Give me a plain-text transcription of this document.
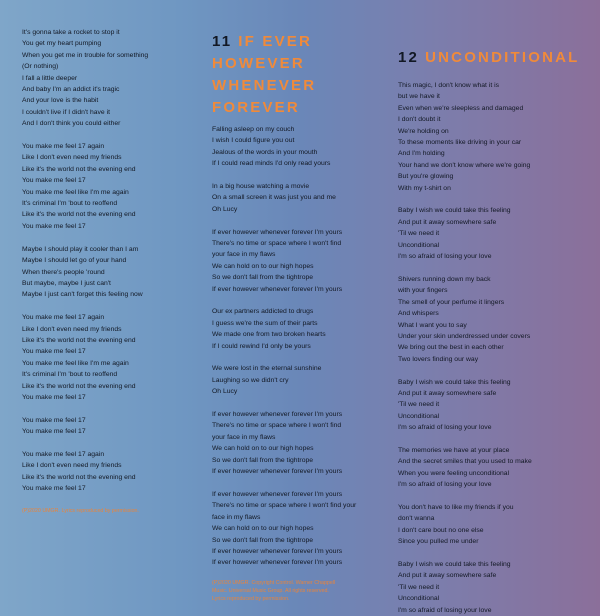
It's gonna take a rocket to stop it
You get my heart pumping
When you get me in trouble for something
(Or nothing)
I fall a little deeper
And baby I'm an addict it's tragic
And your love is the habit
I couldn't live if I didn't have it
And I don't think you could either

You make me feel 17 again
Like I don't even need my friends
Like it's the world not the evening end
You make me feel 17
You make me feel like I'm me again
It's criminal I'm 'bout to reoffend
Like it's the world not the evening end
You make me feel 17

Maybe I should play it cooler than I am
Maybe I should let go of your hand
When there's people 'round
But maybe, maybe I just can't
Maybe I just can't forget this feeling now

You make me feel 17 again
Like I don't even need my friends
Like it's the world not the evening end
You make me feel 17
You make me feel like I'm me again
It's criminal I'm 'bout to reoffend
Like it's the world not the evening end
You make me feel 17

You make me feel 17
You make me feel 17

You make me feel 17 again
Like I don't even need my friends
Like it's the world not the evening end
You make me feel 17

(P)2020 UMGR. Lyrics reproduced by permission.

11 IF EVER
HOWEVER
WHENEVER
FOREVER

Falling asleep on my couch
I wish I could figure you out
Jealous of the words in your mouth
If I could read minds I'd only read yours

In a big house watching a movie
On a small screen it was just you and me
Oh Lucy

If ever however whenever forever I'm yours
There's no time or space where I won't find
your face in my flaws
We can hold on to our high hopes
So we don't fall from the tightrope
If ever however whenever forever I'm yours

Our ex partners addicted to drugs
I guess we're the sum of their parts
We made one from two broken hearts
If I could rewind I'd only be yours

We were lost in the eternal sunshine
Laughing so we didn't cry
Oh Lucy

If ever however whenever forever I'm yours
There's no time or space where I won't find
your face in my flaws
We can hold on to our high hopes
So we don't fall from the tightrope
If ever however whenever forever I'm yours

If ever however whenever forever I'm yours
There's no time or space where I won't find your
face in my flaws
We can hold on to our high hopes
So we don't fall from the tightrope
If ever however whenever forever I'm yours
If ever however whenever forever I'm yours

(P)2020 UMGR. Copyright Control. Warner Chappell
Music. Universal Music Group. All rights reserved.
Lyrics reproduced by permission.

12 UNCONDITIONAL

This magic, I don't know what it is
but we have it
Even when we're sleepless and damaged
I don't doubt it
We're holding on
To these moments like driving in your car
And I'm holding
Your hand we don't know where we're going
But you're glowing
With my t-shirt on

Baby I wish we could take this feeling
And put it away somewhere safe
'Til we need it
Unconditional
I'm so afraid of losing your love

Shivers running down my back
with your fingers
The smell of your perfume it lingers
And whispers
What I want you to say
Under your skin underdressed under covers
We bring out the best in each other
Two lovers finding our way

Baby I wish we could take this feeling
And put it away somewhere safe
'Til we need it
Unconditional
I'm so afraid of losing your love

The memories we have at your place
And the secret smiles that you used to make
When you were feeling unconditional
I'm so afraid of losing your love

You don't have to like my friends if you
don't wanna
I don't care bout no one else
Since you pulled me under

Baby I wish we could take this feeling
And put it away somewhere safe
'Til we need it
Unconditional
I'm so afraid of losing your love
